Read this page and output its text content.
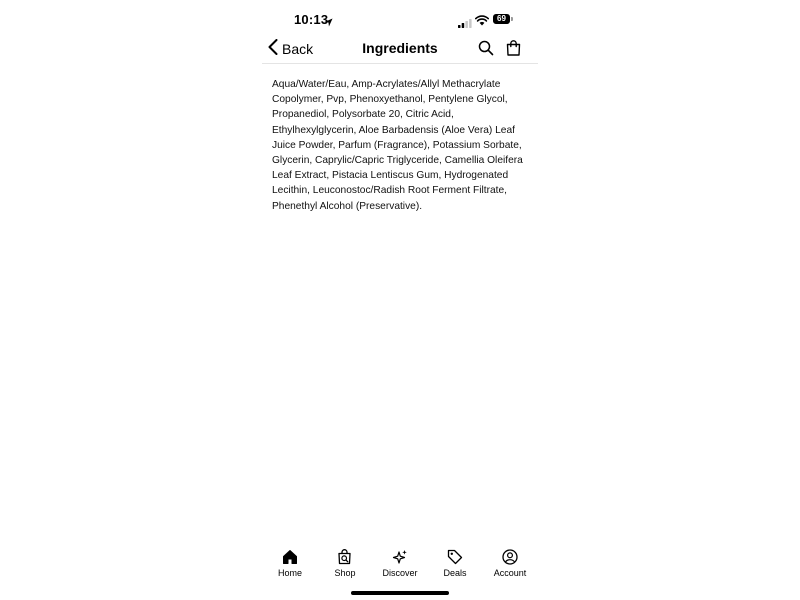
10:13	69
Back	Ingredients
Aqua/Water/Eau, Amp-Acrylates/Allyl Methacrylate Copolymer, Pvp, Phenoxyethanol, Pentylene Glycol, Propanediol, Polysorbate 20, Citric Acid, Ethylhexylglycerin, Aloe Barbadensis (Aloe Vera) Leaf Juice Powder, Parfum (Fragrance), Potassium Sorbate, Glycerin, Caprylic/Capric Triglyceride, Camellia Oleifera Leaf Extract, Pistacia Lentiscus Gum, Hydrogenated Lecithin, Leuconostoc/Radish Root Ferment Filtrate, Phenethyl Alcohol (Preservative).
Home	Shop	Discover	Deals	Account
